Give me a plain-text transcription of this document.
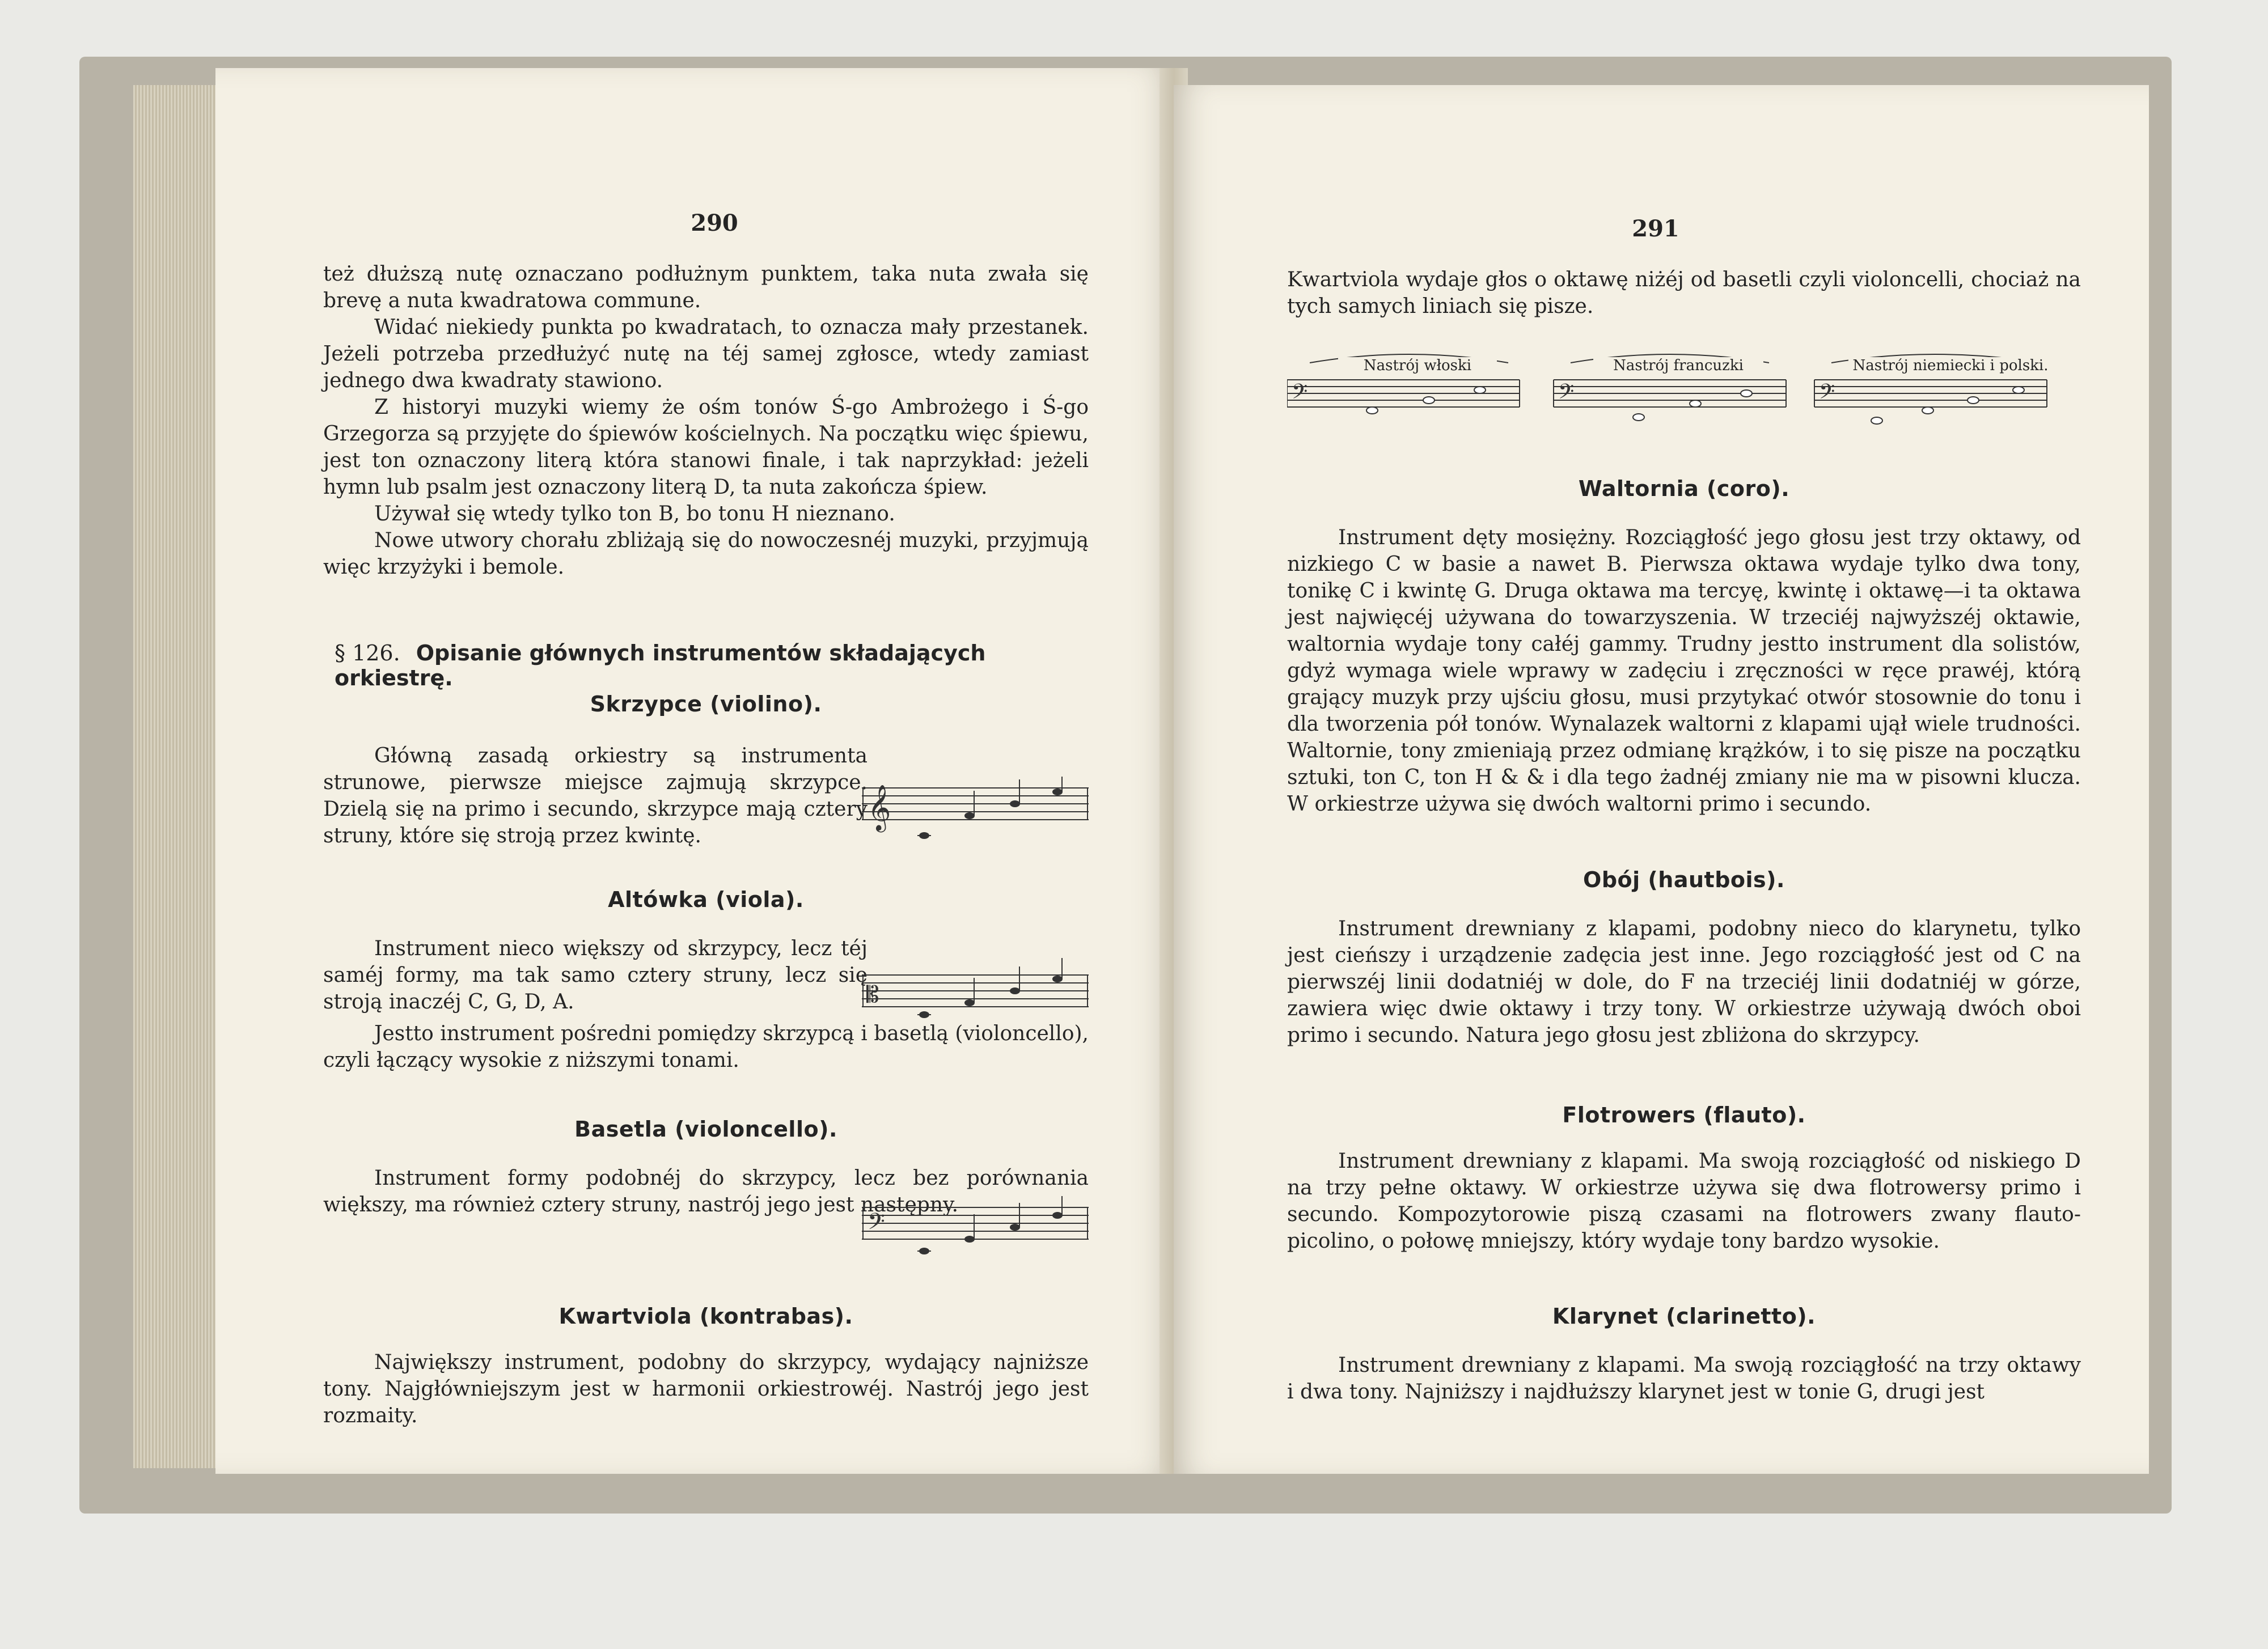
290

też dłuższą nutę oznaczano podłużnym punktem, taka nuta zwała się brevę a nuta kwadratowa commune.

Widać niekiedy punkta po kwadratach, to oznacza mały przestanek. Jeżeli potrzeba przedłużyć nutę na téj samej zgłosce, wtedy zamiast jednego dwa kwadraty stawiono.

Z historyi muzyki wiemy że ośm tonów Ś-go Ambrożego i Ś-go Grzegorza są przyjęte do śpiewów kościelnych. Na początku więc śpiewu, jest ton oznaczony literą która stanowi finale, i tak naprzykład: jeżeli hymn lub psalm jest oznaczony literą D, ta nuta zakończa śpiew.

Używał się wtedy tylko ton B, bo tonu H nieznano.

Nowe utwory chorału zbliżają się do nowoczesnéj muzyki, przyjmują więc krzyżyki i bemole.

§ 126. Opisanie głównych instrumentów składających orkiestrę.
Skrzypce (violino).

Główną zasadą orkiestry są instrumenta strunowe, pierwsze miejsce zajmują skrzypce. Dzielą się na primo i secundo, skrzypce mają cztery struny, które się stroją przez kwintę.

𝄞
Altówka (viola).

Instrument nieco większy od skrzypcy, lecz téj saméj formy, ma tak samo cztery struny, lecz się stroją inaczéj C, G, D, A.	𝄡

Jestto instrument pośredni pomiędzy skrzypcą i basetlą (violoncello), czyli łączący wysokie z niższymi tonami.

Basetla (violoncello).

Instrument formy podobnéj do skrzypcy, lecz bez porównania większy, ma również cztery struny, nastrój jego jest następny.

𝄢
Kwartviola (kontrabas).

Największy instrument, podobny do skrzypcy, wydający najniższe tony. Najgłówniejszym jest w harmonii orkiestrowéj. Nastrój jego jest rozmaity.

291

Kwartviola wydaje głos o oktawę niżéj od basetli czyli violoncelli, chociaż na tych samych liniach się pisze.

𝄢	𝄢	𝄢
Nastrój włoski	Nastrój francuzki	Nastrój niemiecki i polski.
Waltornia (coro).

Instrument dęty mosiężny. Rozciągłość jego głosu jest trzy oktawy, od nizkiego C w basie a nawet B. Pierwsza oktawa wydaje tylko dwa tony, tonikę C i kwintę G. Druga oktawa ma tercyę, kwintę i oktawę—i ta oktawa jest najwięcéj używana do towarzyszenia. W trzeciéj najwyższéj oktawie, waltornia wydaje tony całéj gammy. Trudny jestto instrument dla solistów, gdyż wymaga wiele wprawy w zadęciu i zręczności w ręce prawéj, którą grający muzyk przy ujściu głosu, musi przytykać otwór stosownie do tonu i dla tworzenia pół tonów. Wynalazek waltorni z klapami ujął wiele trudności. Waltornie, tony zmieniają przez odmianę krążków, i to się pisze na początku sztuki, ton C, ton H & & i dla tego żadnéj zmiany nie ma w pisowni klucza. W orkiestrze używa się dwóch waltorni primo i secundo.

Obój (hautbois).

Instrument drewniany z klapami, podobny nieco do klarynetu, tylko jest cieńszy i urządzenie zadęcia jest inne. Jego rozciągłość jest od C na pierwszéj linii dodatniéj w dole, do F na trzeciéj linii dodatniéj w górze, zawiera więc dwie oktawy i trzy tony. W orkiestrze używają dwóch oboi primo i secundo. Natura jego głosu jest zbliżona do skrzypcy.

Flotrowers (flauto).

Instrument drewniany z klapami. Ma swoją rozciągłość od niskiego D na trzy pełne oktawy. W orkiestrze używa się dwa flotrowersy primo i secundo. Kompozytorowie piszą czasami na flotrowers zwany flauto-picolino, o połowę mniejszy, który wydaje tony bardzo wysokie.

Klarynet (clarinetto).

Instrument drewniany z klapami. Ma swoją rozciągłość na trzy oktawy i dwa tony. Najniższy i najdłuższy klarynet jest w tonie G, drugi jest
